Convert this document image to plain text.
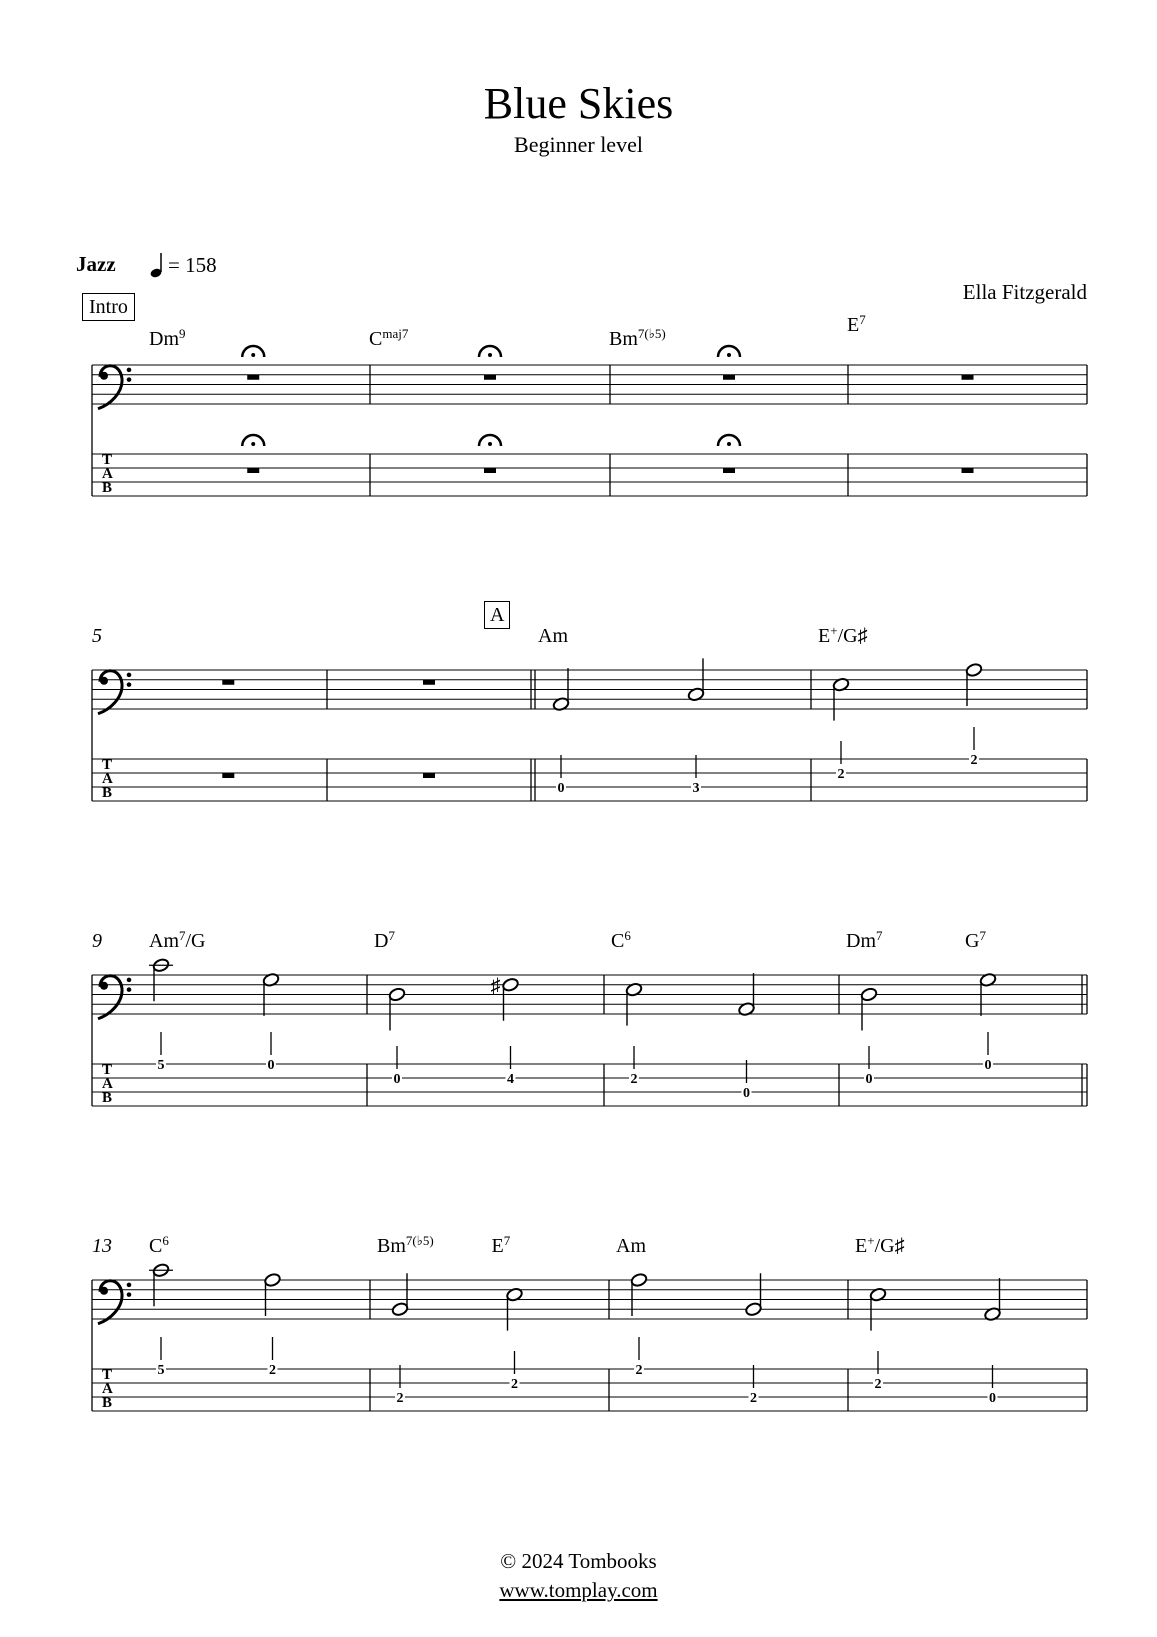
Blue Skies
Beginner level
Jazz = 158
Ella Fitzgerald
Intro
A
T
A
B
Dm$^9$	$C^{maj7}$	$Bm^{7(♭5)}$	$E^7$
T
A
B
5	Am
0	3
E+/G♯
2
2
T
A
B
9 Am$^7$/G
5	0
$D^7$
0
♯
4
$C^6$
2
0
Dm$^7$	$G^7$
0
0
T
A
B
13 $C^6$
5	2
$Bm^{7(♭5)}$	$E^7$
2
2
Am
2
2
E+/G♯
2
0
© 2024 Tombooks
www.tomplay.com
